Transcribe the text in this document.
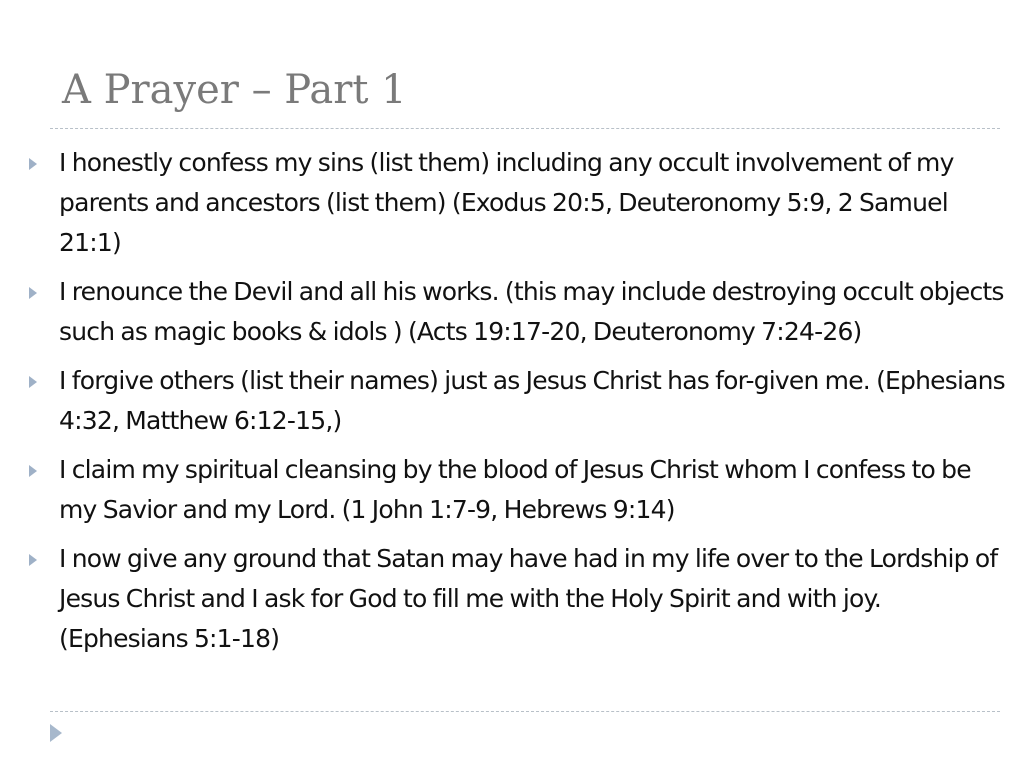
A Prayer – Part 1
I honestly confess my sins (list them) including any occult involvement of my parents and ancestors (list them) (Exodus 20:5, Deuteronomy 5:9, 2 Samuel 21:1)
I renounce the Devil and all his works. (this may include destroying occult objects such as magic books & idols ) (Acts 19:17-20, Deuteronomy 7:24-26)
I forgive others (list their names) just as Jesus Christ has for-given me. (Ephesians 4:32, Matthew 6:12-15,)
I claim my spiritual cleansing by the blood of Jesus Christ whom I confess to be my Savior and my Lord. (1 John 1:7-9, Hebrews 9:14)
I now give any ground that Satan may have had in my life over to the Lordship of Jesus Christ and I ask for God to fill me with the Holy Spirit and with joy. (Ephesians 5:1-18)
